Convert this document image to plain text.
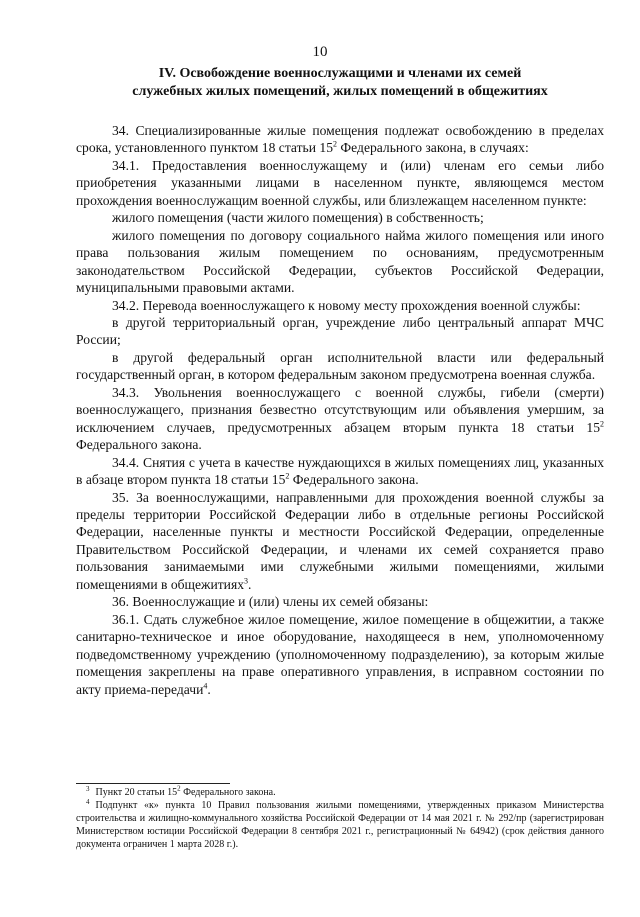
10
IV. Освобождение военнослужащими и членами их семей
служебных жилых помещений, жилых помещений в общежитиях

34. Специализированные жилые помещения подлежат освобождению в пределах срока, установленного пунктом 18 статьи $15^2$ Федерального закона, в случаях:

34.1. Предоставления военнослужащему и (или) членам его семьи либо приобретения указанными лицами в населенном пункте, являющемся местом прохождения военнослужащим военной службы, или близлежащем населенном пункте:

жилого помещения (части жилого помещения) в собственность;

жилого помещения по договору социального найма жилого помещения или иного права пользования жилым помещением по основаниям, предусмотренным законодательством Российской Федерации, субъектов Российской Федерации, муниципальными правовыми актами.

34.2. Перевода военнослужащего к новому месту прохождения военной службы:

в другой территориальный орган, учреждение либо центральный аппарат МЧС России;

в другой федеральный орган исполнительной власти или федеральный государственный орган, в котором федеральным законом предусмотрена военная служба.

34.3. Увольнения военнослужащего с военной службы, гибели (смерти) военнослужащего, признания безвестно отсутствующим или объявления умершим, за исключением случаев, предусмотренных абзацем вторым пункта 18 статьи $15^2$ Федерального закона.

34.4. Снятия с учета в качестве нуждающихся в жилых помещениях лиц, указанных в абзаце втором пункта 18 статьи $15^2$ Федерального закона.

35. За военнослужащими, направленными для прохождения военной службы за пределы территории Российской Федерации либо в отдельные регионы Российской Федерации, населенные пункты и местности Российской Федерации, определенные Правительством Российской Федерации, и членами их семей сохраняется право пользования занимаемыми ими служебными жилыми помещениями, жилыми помещениями в общежитиях$^3$.

36. Военнослужащие и (или) члены их семей обязаны:

36.1. Сдать служебное жилое помещение, жилое помещение в общежитии, а также санитарно-техническое и иное оборудование, находящееся в нем, уполномоченному подведомственному учреждению (уполномоченному подразделению), за которым жилые помещения закреплены на праве оперативного управления, в исправном состоянии по акту приема-передачи$^4$.

$^3$ Пункт 20 статьи $15^2$ Федерального закона.

$^4$ Подпункт «к» пункта 10 Правил пользования жилыми помещениями, утвержденных приказом Министерства строительства и жилищно-коммунального хозяйства Российской Федерации от 14 мая 2021 г. № 292/пр (зарегистрирован Министерством юстиции Российской Федерации 8 сентября 2021 г., регистрационный № 64942) (срок действия данного документа ограничен 1 марта 2028 г.).
